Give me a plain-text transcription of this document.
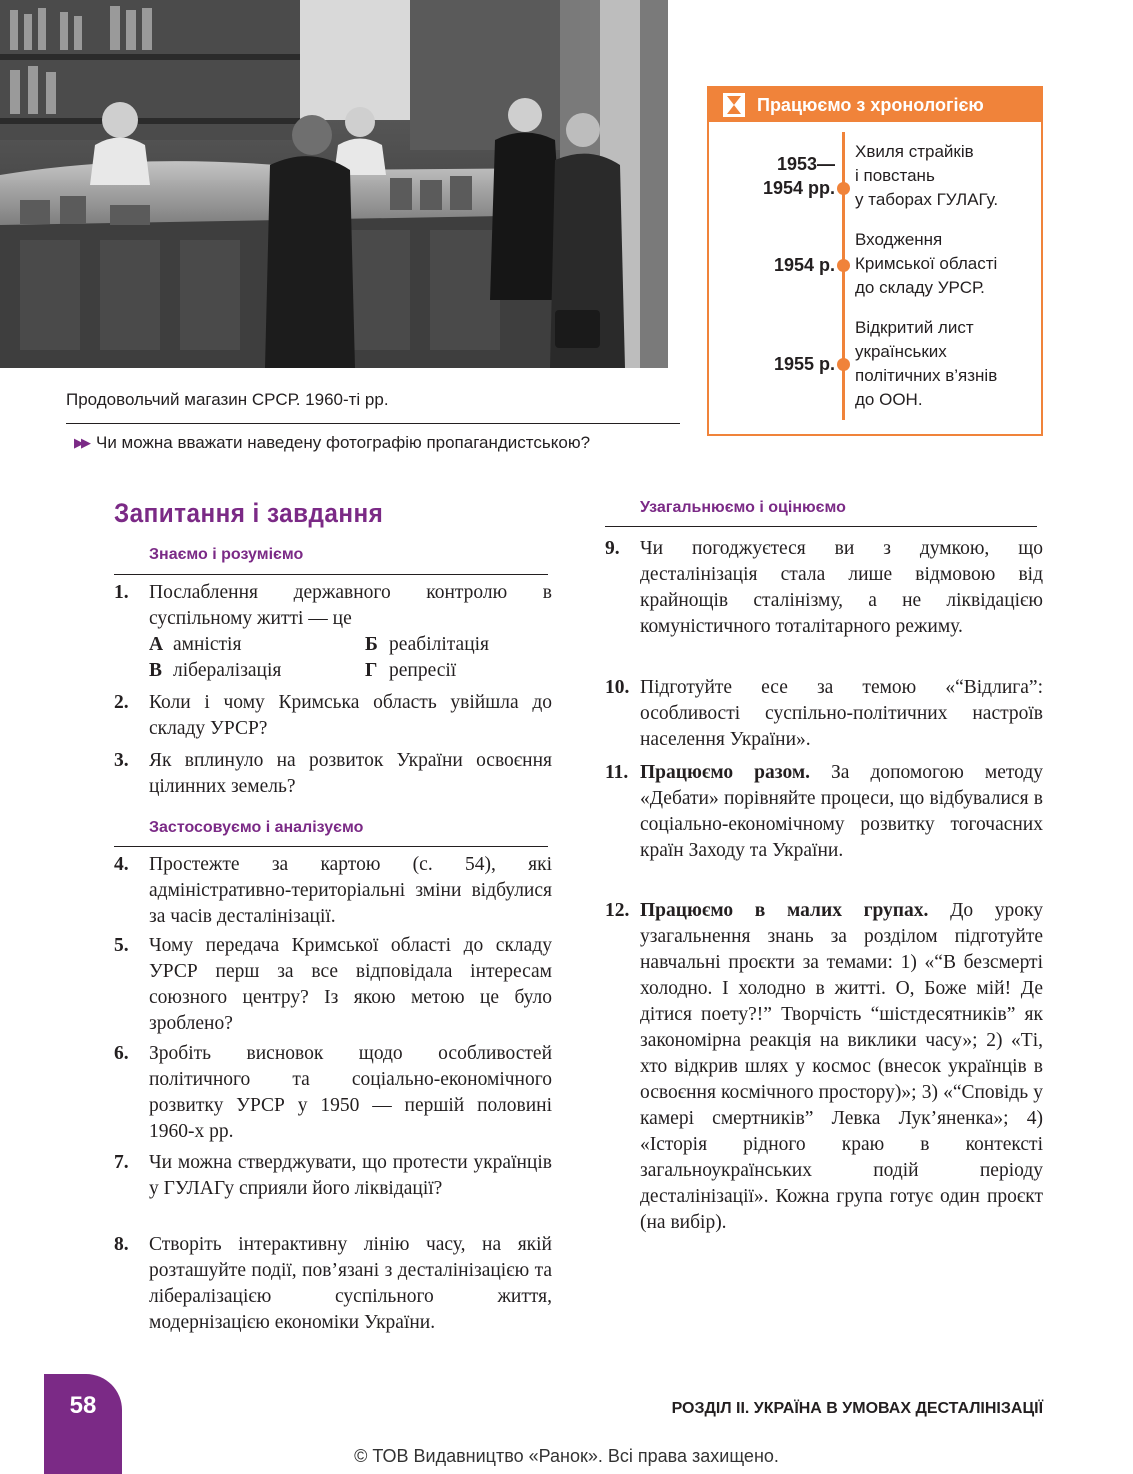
Продовольчий магазин СРСР. 1960-ті рр.
▶▶ Чи можна вважати наведену фотографію пропагандистською?
Працюємо з хронологією
1953—
1954 рр.
Хвиля страйків
і повстань
у таборах ГУЛАГу.
1954 р.
Входження
Кримської області
до складу УРСР.
1955 р.
Відкритий лист
українських
політичних в’язнів
до ООН.
Запитання і завдання
Знаємо і розуміємо
1. Послаблення державного контролю в суспільному житті — це
А амністія	Б реабілітація
В лібералізація	Г репресії
2. Коли і чому Кримська область увійшла до складу УРСР?
3. Як вплинуло на розвиток України освоєння цілинних земель?
Застосовуємо і аналізуємо
4. Простежте за картою (с. 54), які адміністративно-територіальні зміни відбулися за часів десталінізації.
5. Чому передача Кримської області до складу УРСР перш за все відповідала інтересам союзного центру? Із якою метою це було зроблено?
6. Зробіть висновок щодо особливостей політичного та соціально-економічного розвитку УРСР у 1950 — першій половині 1960-х рр.
7. Чи можна стверджувати, що протести українців у ГУЛАГу сприяли його ліквідації?
8. Створіть інтерактивну лінію часу, на якій розташуйте події, пов’язані з десталінізацією та лібералізацією суспільного життя, модернізацією економіки України.
Узагальнюємо і оцінюємо
9. Чи погоджуєтеся ви з думкою, що десталінізація стала лише відмовою від крайнощів сталінізму, а не ліквідацією комуністичного тоталітарного режиму.
10. Підготуйте есе за темою «“Відлига”: особливості суспільно-політичних настроїв населення України».
11. Працюємо разом. За допомогою методу «Дебати» порівняйте процеси, що відбувалися в соціально-економічному розвитку тогочасних країн Заходу та України.
12. Працюємо в малих групах. До уроку узагальнення знань за розділом підготуйте навчальні проєкти за темами: 1) «“В безсмерті холодно. І холодно в житті. О, Боже мій! Де дітися поету?!” Творчість “шістдесятників” як закономірна реакція на виклики часу»; 2) «Ті, хто відкрив шлях у космос (внесок українців в освоєння космічного простору)»; 3) «“Сповідь у камері смертників” Левка Лук’яненка»; 4) «Історія рідного краю в контексті загальноукраїнських подій періоду десталінізації». Кожна група готує один проєкт (на вибір).
58	РОЗДІЛ ІІ. УКРАЇНА В УМОВАХ ДЕСТАЛІНІЗАЦІЇ
© ТОВ Видавництво «Ранок». Всі права захищено.
